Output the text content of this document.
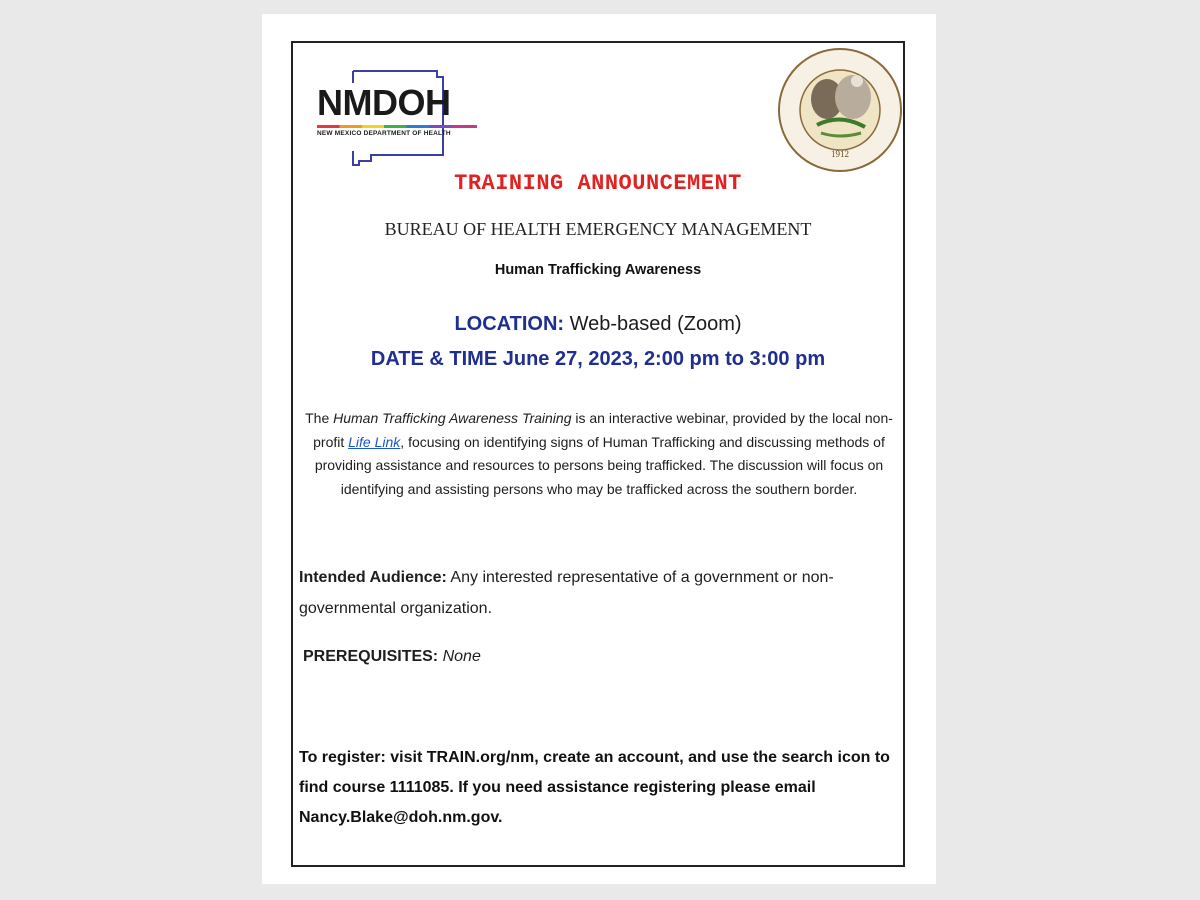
NMDOH
NEW MEXICO DEPARTMENT OF HEALTH
1912
TRAINING ANNOUNCEMENT
BUREAU OF HEALTH EMERGENCY MANAGEMENT
Human Trafficking Awareness
LOCATION: Web-based (Zoom)
DATE & TIME June 27, 2023, 2:00 pm to 3:00 pm
The Human Trafficking Awareness Training is an interactive webinar, provided by the local non-profit Life Link, focusing on identifying signs of Human Trafficking and discussing methods of providing assistance and resources to persons being trafficked. The discussion will focus on identifying and assisting persons who may be trafficked across the southern border.
Intended Audience: Any interested representative of a government or non-governmental organization.
PREREQUISITES: None
To register: visit TRAIN.org/nm, create an account, and use the search icon to find course 1111085. If you need assistance registering please email Nancy.Blake@doh.nm.gov.
